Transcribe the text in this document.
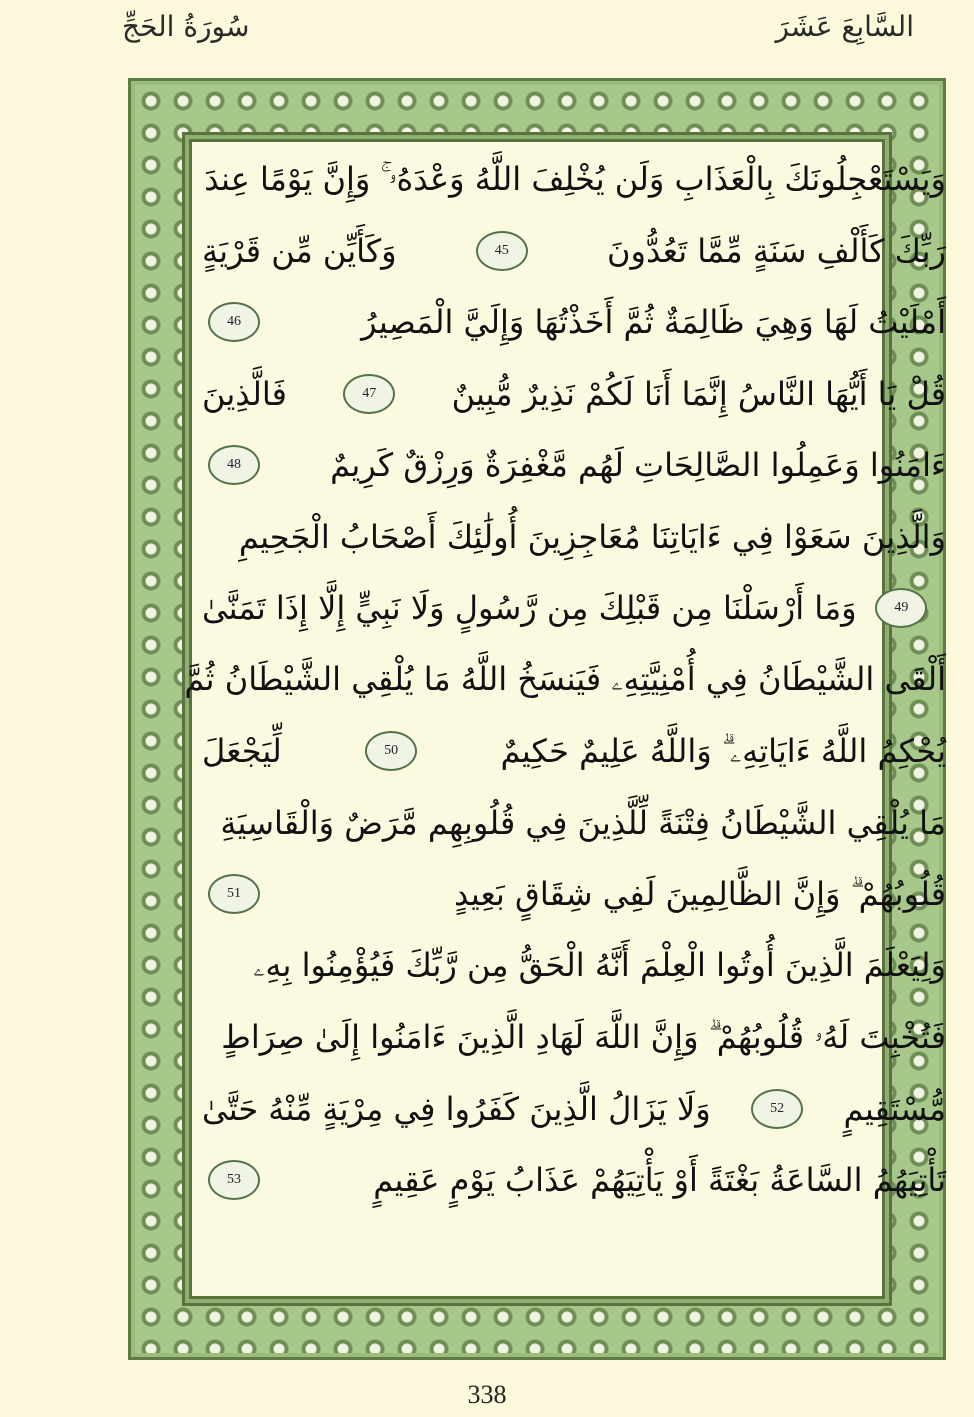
سُورَةُ الحَجِّ	السَّابِعَ عَشَرَ
وَيَسْتَعْجِلُونَكَ بِالْعَذَابِ وَلَن يُخْلِفَ اللَّهُ وَعْدَهُۥ ۚ وَإِنَّ يَوْمًا عِندَ
رَبِّكَ كَأَلْفِ سَنَةٍ مِّمَّا تَعُدُّونَ
45
وَكَأَيِّن مِّن قَرْيَةٍ
أَمْلَيْتُ لَهَا وَهِيَ ظَالِمَةٌ ثُمَّ أَخَذْتُهَا وَإِلَيَّ الْمَصِيرُ
46
قُلْ يَا أَيُّهَا النَّاسُ إِنَّمَا أَنَا لَكُمْ نَذِيرٌ مُّبِينٌ
47
فَالَّذِينَ
ءَامَنُوا وَعَمِلُوا الصَّالِحَاتِ لَهُم مَّغْفِرَةٌ وَرِزْقٌ كَرِيمٌ
48
وَالَّذِينَ سَعَوْا فِي ءَايَاتِنَا مُعَاجِزِينَ أُولَٰئِكَ أَصْحَابُ الْجَحِيمِ
49
وَمَا أَرْسَلْنَا مِن قَبْلِكَ مِن رَّسُولٍ وَلَا نَبِيٍّ إِلَّا إِذَا تَمَنَّىٰ
أَلْقَى الشَّيْطَانُ فِي أُمْنِيَّتِهِۦ فَيَنسَخُ اللَّهُ مَا يُلْقِي الشَّيْطَانُ ثُمَّ
يُحْكِمُ اللَّهُ ءَايَاتِهِۦ ۗ وَاللَّهُ عَلِيمٌ حَكِيمٌ
50
لِّيَجْعَلَ
مَا يُلْقِي الشَّيْطَانُ فِتْنَةً لِّلَّذِينَ فِي قُلُوبِهِم مَّرَضٌ وَالْقَاسِيَةِ
قُلُوبُهُمْ ۗ وَإِنَّ الظَّالِمِينَ لَفِي شِقَاقٍ بَعِيدٍ
51
وَلِيَعْلَمَ الَّذِينَ أُوتُوا الْعِلْمَ أَنَّهُ الْحَقُّ مِن رَّبِّكَ فَيُؤْمِنُوا بِهِۦ
فَتُخْبِتَ لَهُۥ قُلُوبُهُمْ ۗ وَإِنَّ اللَّهَ لَهَادِ الَّذِينَ ءَامَنُوا إِلَىٰ صِرَاطٍ
مُّسْتَقِيمٍ
52
وَلَا يَزَالُ الَّذِينَ كَفَرُوا فِي مِرْيَةٍ مِّنْهُ حَتَّىٰ
تَأْتِيَهُمُ السَّاعَةُ بَغْتَةً أَوْ يَأْتِيَهُمْ عَذَابُ يَوْمٍ عَقِيمٍ
53
338
